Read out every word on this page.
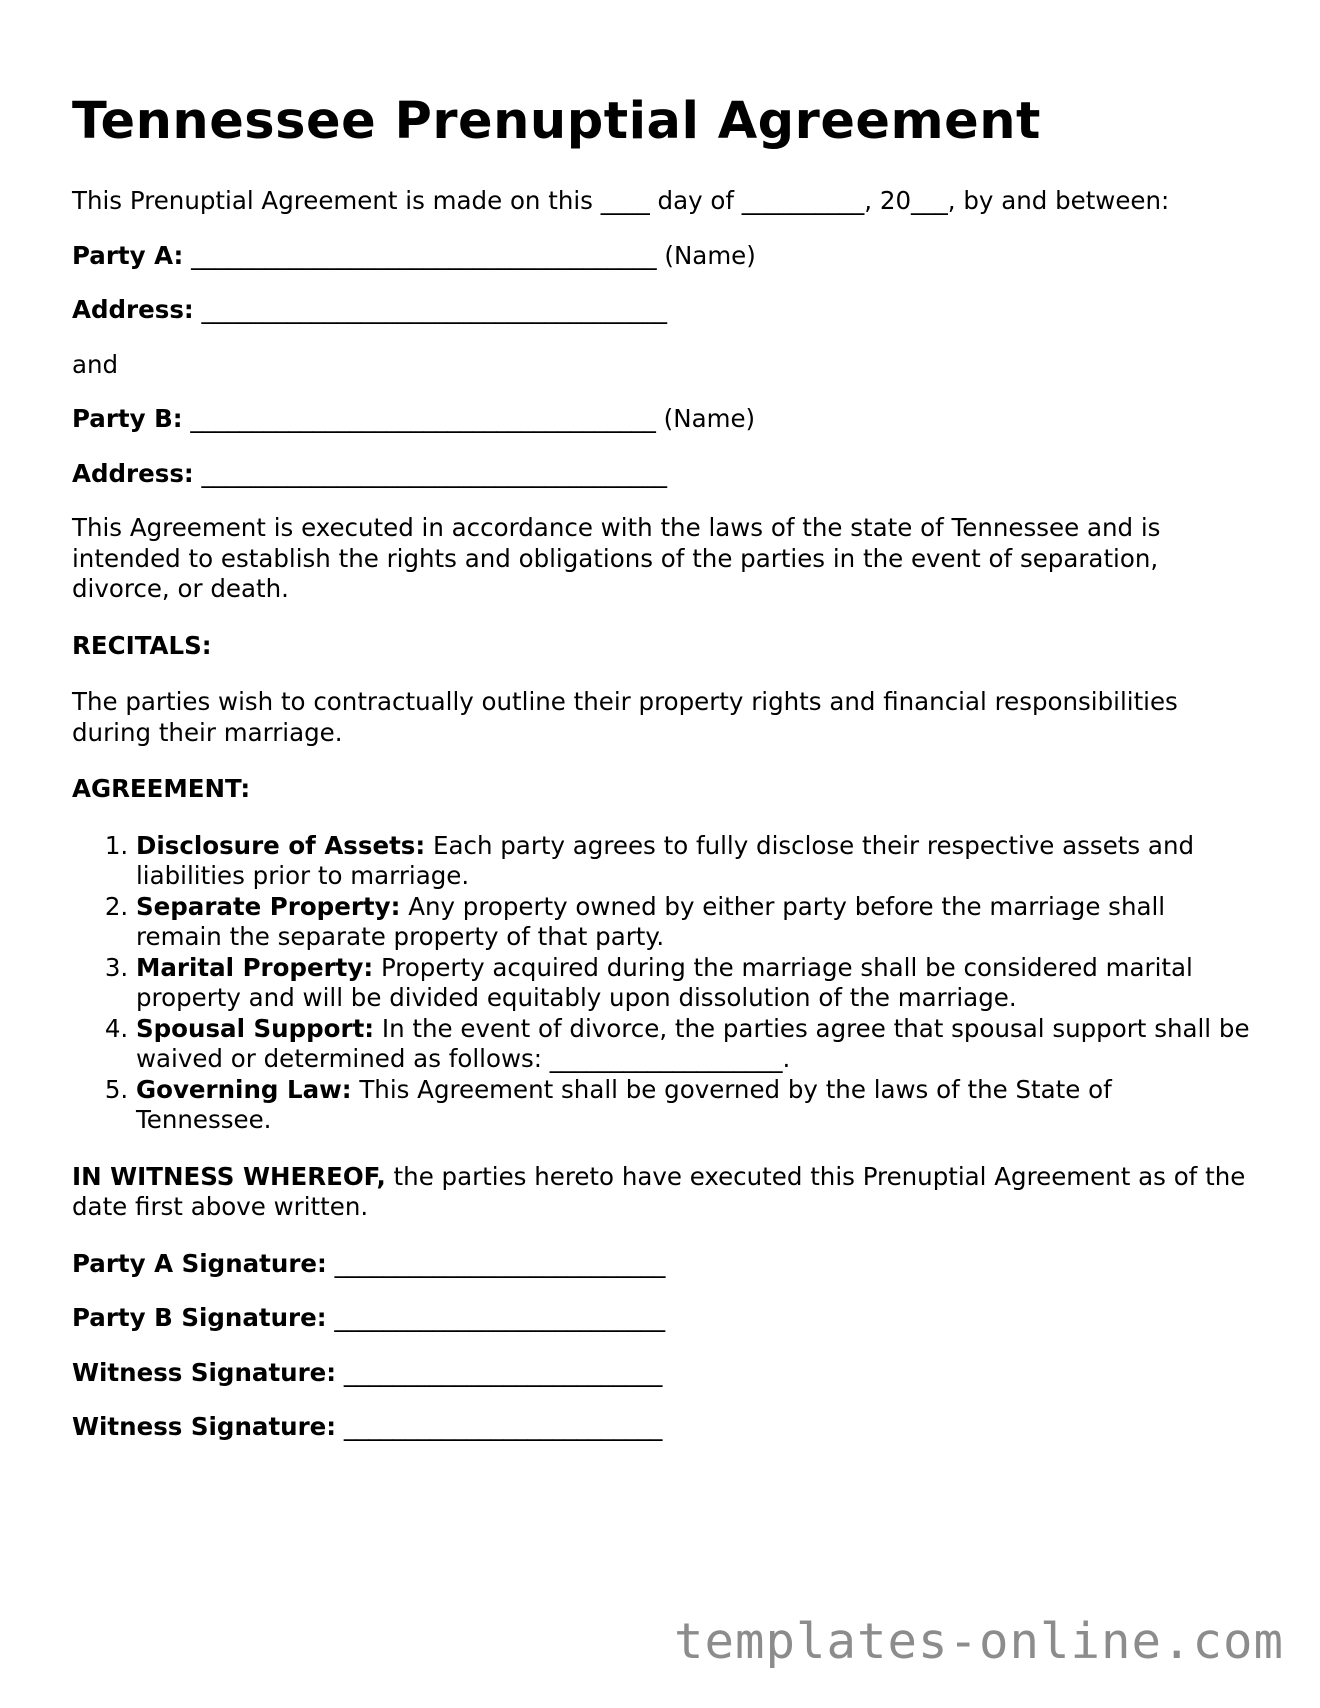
Tennessee Prenuptial Agreement

This Prenuptial Agreement is made on this ____ day of __________, 20___, by and between:

Party A: ______________________________________ (Name)

Address: ______________________________________

and

Party B: ______________________________________ (Name)

Address: ______________________________________

This Agreement is executed in accordance with the laws of the state of Tennessee and is intended to establish the rights and obligations of the parties in the event of separation, divorce, or death.

RECITALS:

The parties wish to contractually outline their property rights and financial responsibilities during their marriage.

AGREEMENT:

1. Disclosure of Assets: Each party agrees to fully disclose their respective assets and liabilities prior to marriage.
2. Separate Property: Any property owned by either party before the marriage shall remain the separate property of that party.
3. Marital Property: Property acquired during the marriage shall be considered marital property and will be divided equitably upon dissolution of the marriage.
4. Spousal Support: In the event of divorce, the parties agree that spousal support shall be waived or determined as follows: ___________________.
5. Governing Law: This Agreement shall be governed by the laws of the State of Tennessee.

IN WITNESS WHEREOF, the parties hereto have executed this Prenuptial Agreement as of the date first above written.

Party A Signature: ___________________________

Party B Signature: ___________________________

Witness Signature: __________________________

Witness Signature: __________________________

templates-online.com
